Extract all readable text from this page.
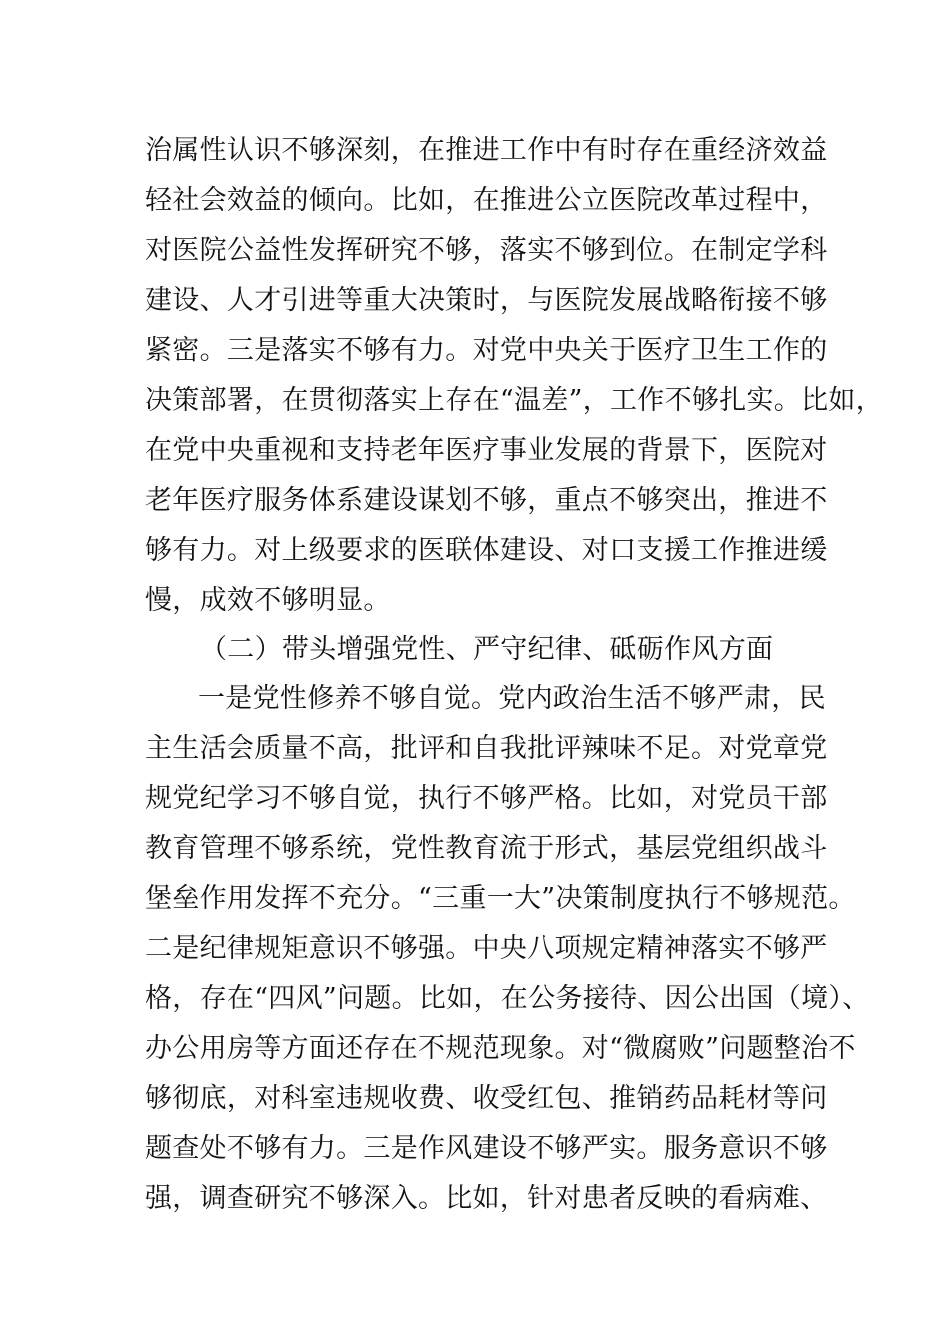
治属性认识不够深刻，在推进工作中有时存在重经济效益
轻社会效益的倾向。比如，在推进公立医院改革过程中，
对医院公益性发挥研究不够，落实不够到位。在制定学科
建设、人才引进等重大决策时，与医院发展战略衔接不够
紧密。三是落实不够有力。对党中央关于医疗卫生工作的
决策部署，在贯彻落实上存在“温差”，工作不够扎实。比如，
在党中央重视和支持老年医疗事业发展的背景下，医院对
老年医疗服务体系建设谋划不够，重点不够突出，推进不
够有力。对上级要求的医联体建设、对口支援工作推进缓
慢，成效不够明显。
（二）带头增强党性、严守纪律、砥砺作风方面
一是党性修养不够自觉。党内政治生活不够严肃，民
主生活会质量不高，批评和自我批评辣味不足。对党章党
规党纪学习不够自觉，执行不够严格。比如，对党员干部
教育管理不够系统，党性教育流于形式，基层党组织战斗
堡垒作用发挥不充分。“三重一大”决策制度执行不够规范。
二是纪律规矩意识不够强。中央八项规定精神落实不够严
格，存在“四风”问题。比如，在公务接待、因公出国（境）、
办公用房等方面还存在不规范现象。对“微腐败”问题整治不
够彻底，对科室违规收费、收受红包、推销药品耗材等问
题查处不够有力。三是作风建设不够严实。服务意识不够
强，调查研究不够深入。比如，针对患者反映的看病难、
